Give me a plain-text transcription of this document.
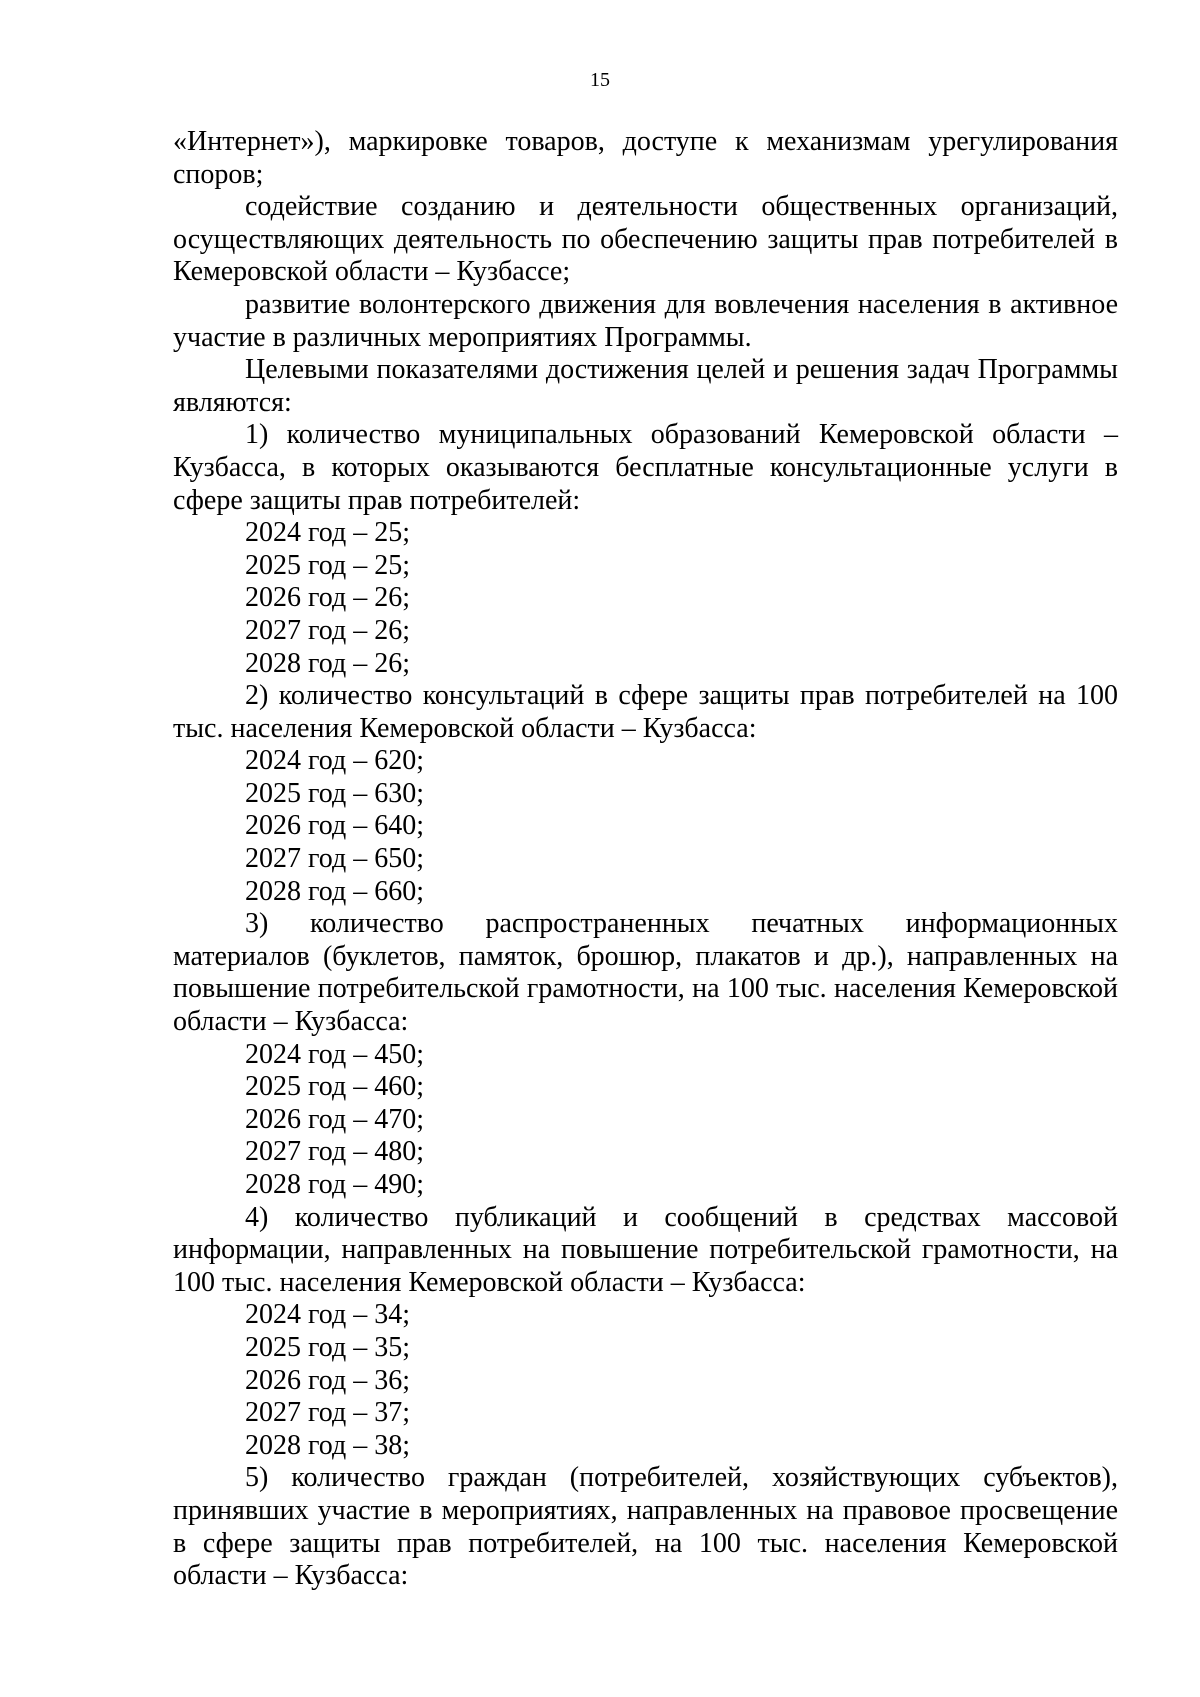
15

«Интернет»), маркировке товаров, доступе к механизмам урегулирования споров;

содействие созданию и деятельности общественных организаций, осуществляющих деятельность по обеспечению защиты прав потребителей в Кемеровской области – Кузбассе;

развитие волонтерского движения для вовлечения населения в активное участие в различных мероприятиях Программы.

Целевыми показателями достижения целей и решения задач Программы являются:

1) количество муниципальных образований Кемеровской области – Кузбасса, в которых оказываются бесплатные консультационные услуги в сфере защиты прав потребителей:

2024 год – 25;

2025 год – 25;

2026 год – 26;

2027 год – 26;

2028 год – 26;

2) количество консультаций в сфере защиты прав потребителей на 100 тыс. населения Кемеровской области – Кузбасса:

2024 год – 620;

2025 год – 630;

2026 год – 640;

2027 год – 650;

2028 год – 660;

3) количество распространенных печатных информационных материалов (буклетов, памяток, брошюр, плакатов и др.), направленных на повышение потребительской грамотности, на 100 тыс. населения Кемеровской области – Кузбасса:

2024 год – 450;

2025 год – 460;

2026 год – 470;

2027 год – 480;

2028 год – 490;

4) количество публикаций и сообщений в средствах массовой информации, направленных на повышение потребительской грамотности, на 100 тыс. населения Кемеровской области – Кузбасса:

2024 год – 34;

2025 год – 35;

2026 год – 36;

2027 год – 37;

2028 год – 38;

5) количество граждан (потребителей, хозяйствующих субъектов), принявших участие в мероприятиях, направленных на правовое просвещение в сфере защиты прав потребителей, на 100 тыс. населения Кемеровской области – Кузбасса:
